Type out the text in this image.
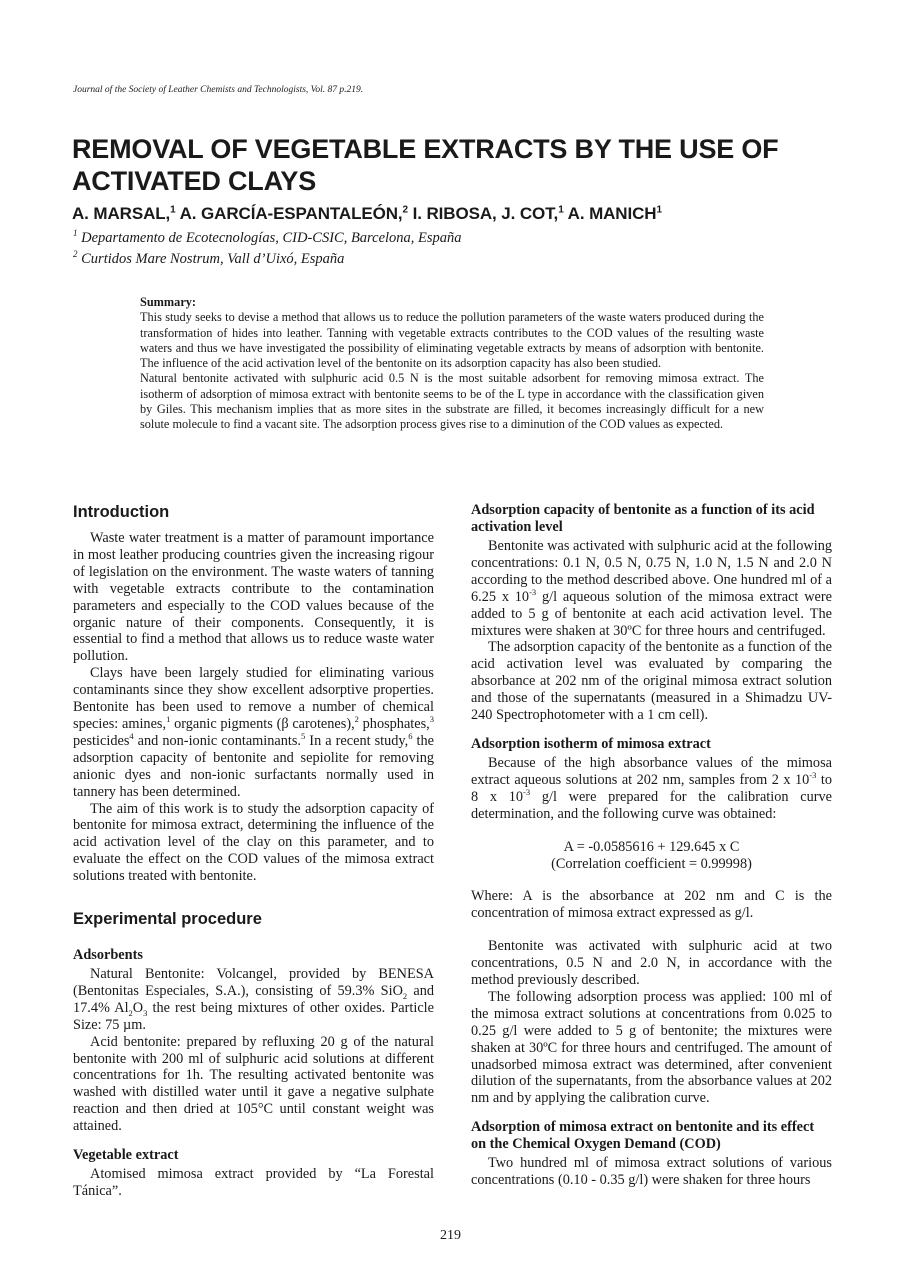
Journal of the Society of Leather Chemists and Technologists, Vol. 87 p.219.
REMOVAL OF VEGETABLE EXTRACTS BY THE USE OF ACTIVATED CLAYS
A. MARSAL,$^1$ A. GARCÍA-ESPANTALEÓN,$^2$ I. RIBOSA, J. COT,$^1$ A. MANICH$^1$
$^1$ Departamento de Ecotecnologías, CID-CSIC, Barcelona, España
$^2$ Curtidos Mare Nostrum, Vall d’Uixó, España
Summary:

This study seeks to devise a method that allows us to reduce the pollution parameters of the waste waters produced during the transformation of hides into leather. Tanning with vegetable extracts contributes to the COD values of the resulting waste waters and thus we have investigated the possibility of eliminating vegetable extracts by means of adsorption with bentonite. The influence of the acid activation level of the bentonite on its adsorption capacity has also been studied.

Natural bentonite activated with sulphuric acid 0.5 N is the most suitable adsorbent for removing mimosa extract. The isotherm of adsorption of mimosa extract with bentonite seems to be of the L type in accordance with the classification given by Giles. This mechanism implies that as more sites in the substrate are filled, it becomes increasingly difficult for a new solute molecule to find a vacant site. The adsorption process gives rise to a diminution of the COD values as expected.

Introduction

Waste water treatment is a matter of paramount importance in most leather producing countries given the increasing rigour of legislation on the environment. The waste waters of tanning with vegetable extracts contribute to the contamination parameters and especially to the COD values because of the organic nature of their components. Consequently, it is essential to find a method that allows us to reduce waste water pollution.

Clays have been largely studied for eliminating various contaminants since they show excellent adsorptive properties. Bentonite has been used to remove a number of chemical species: amines,$^1$ organic pigments (β carotenes),$^2$ phosphates,$^3$ pesticides$^4$ and non-ionic contaminants.$^5$ In a recent study,$^6$ the adsorption capacity of bentonite and sepiolite for removing anionic dyes and non-ionic surfactants normally used in tannery has been determined.

The aim of this work is to study the adsorption capacity of bentonite for mimosa extract, determining the influence of the acid activation level of the clay on this parameter, and to evaluate the effect on the COD values of the mimosa extract solutions treated with bentonite.

Experimental procedure
Adsorbents

Natural Bentonite: Volcangel, provided by BENESA (Bentonitas Especiales, S.A.), consisting of 59.3% SiO$_2$ and 17.4% $Al_2O_3$ the rest being mixtures of other oxides. Particle Size: 75 µm.

Acid bentonite: prepared by refluxing 20 g of the natural bentonite with 200 ml of sulphuric acid solutions at different concentrations for 1h. The resulting activated bentonite was washed with distilled water until it gave a negative sulphate reaction and then dried at 105°C until constant weight was attained.

Vegetable extract

Atomised mimosa extract provided by “La Forestal Tánica”.

Adsorption capacity of bentonite as a function of its acid activation level

Bentonite was activated with sulphuric acid at the following concentrations: 0.1 N, 0.5 N, 0.75 N, 1.0 N, 1.5 N and 2.0 N according to the method described above. One hundred ml of a 6.25 x $10^{-3}$ g/l aqueous solution of the mimosa extract were added to 5 g of bentonite at each acid activation level. The mixtures were shaken at 30ºC for three hours and centrifuged.

The adsorption capacity of the bentonite as a function of the acid activation level was evaluated by comparing the absorbance at 202 nm of the original mimosa extract solution and those of the supernatants (measured in a Shimadzu UV-240 Spectrophotometer with a 1 cm cell).

Adsorption isotherm of mimosa extract

Because of the high absorbance values of the mimosa extract aqueous solutions at 202 nm, samples from 2 x $10^{-3}$ to 8 x $10^{-3}$ g/l were prepared for the calibration curve determination, and the following curve was obtained:

A = -0.0585616 + 129.645 x C

(Correlation coefficient = 0.99998)

Where: A is the absorbance at 202 nm and C is the concentration of mimosa extract expressed as g/l.

Bentonite was activated with sulphuric acid at two concentrations, 0.5 N and 2.0 N, in accordance with the method previously described.

The following adsorption process was applied: 100 ml of the mimosa extract solutions at concentrations from 0.025 to 0.25 g/l were added to 5 g of bentonite; the mixtures were shaken at 30ºC for three hours and centrifuged. The amount of unadsorbed mimosa extract was determined, after convenient dilution of the supernatants, from the absorbance values at 202 nm and by applying the calibration curve.

Adsorption of mimosa extract on bentonite and its effect on the Chemical Oxygen Demand (COD)

Two hundred ml of mimosa extract solutions of various concentrations (0.10 - 0.35 g/l) were shaken for three hours

219
